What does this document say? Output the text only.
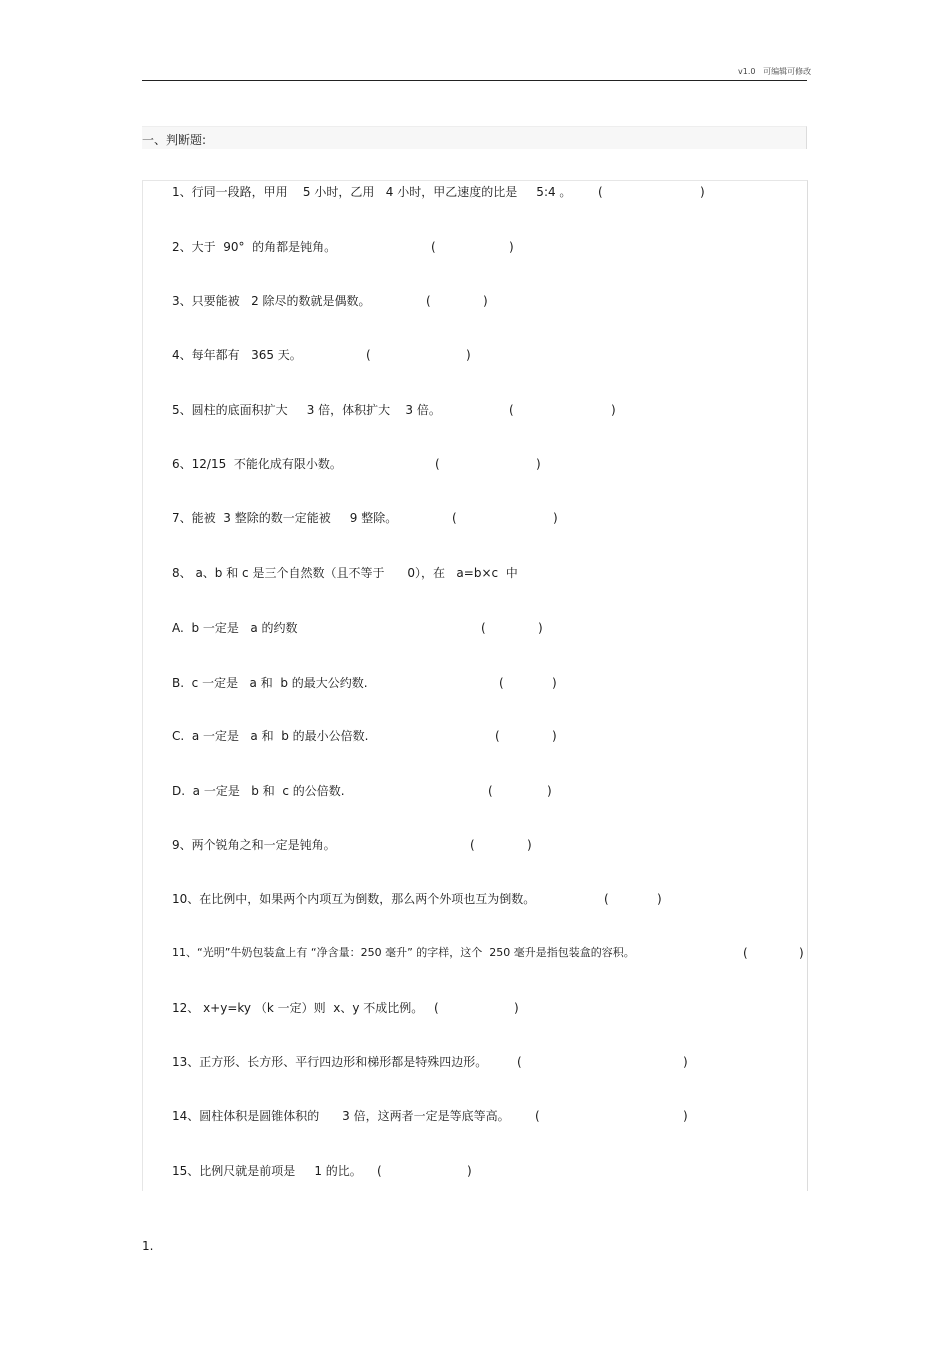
v1.0   可编辑可修改
一、判断题:
1、行同一段路，甲用    5 小时，乙用   4 小时，甲乙速度的比是     5:4 。 (	)
2、大于  90°  的角都是钝角。	(	)
3、只要能被   2 除尽的数就是偶数。	(	)
4、每年都有   365 天。	(	)
5、圆柱的底面积扩大     3 倍，体积扩大    3 倍。	(	)
6、12/15  不能化成有限小数。	(	)
7、能被  3 整除的数一定能被     9 整除。	(	)
8、 a、b 和 c 是三个自然数（且不等于      0），在   a=b×c  中
A.  b 一定是   a 的约数	(	)
B.  c 一定是   a 和  b 的最大公约数.	(	)
C.  a 一定是   a 和  b 的最小公倍数.	(	)
D.  a 一定是   b 和  c 的公倍数.	(	)
9、两个锐角之和一定是钝角。	(	)
10、在比例中，如果两个内项互为倒数，那么两个外项也互为倒数。	(	)
11、“光明”牛奶包装盒上有 “净含量：250 毫升” 的字样，这个  250 毫升是指包装盒的容积。	(	)
12、 x+y=ky （k 一定）则  x、y 不成比例。 (	)
13、正方形、长方形、平行四边形和梯形都是特殊四边形。 (	)
14、圆柱体积是圆锥体积的      3 倍，这两者一定是等底等高。 (	)
15、比例尺就是前项是     1 的比。 (	)
1.
